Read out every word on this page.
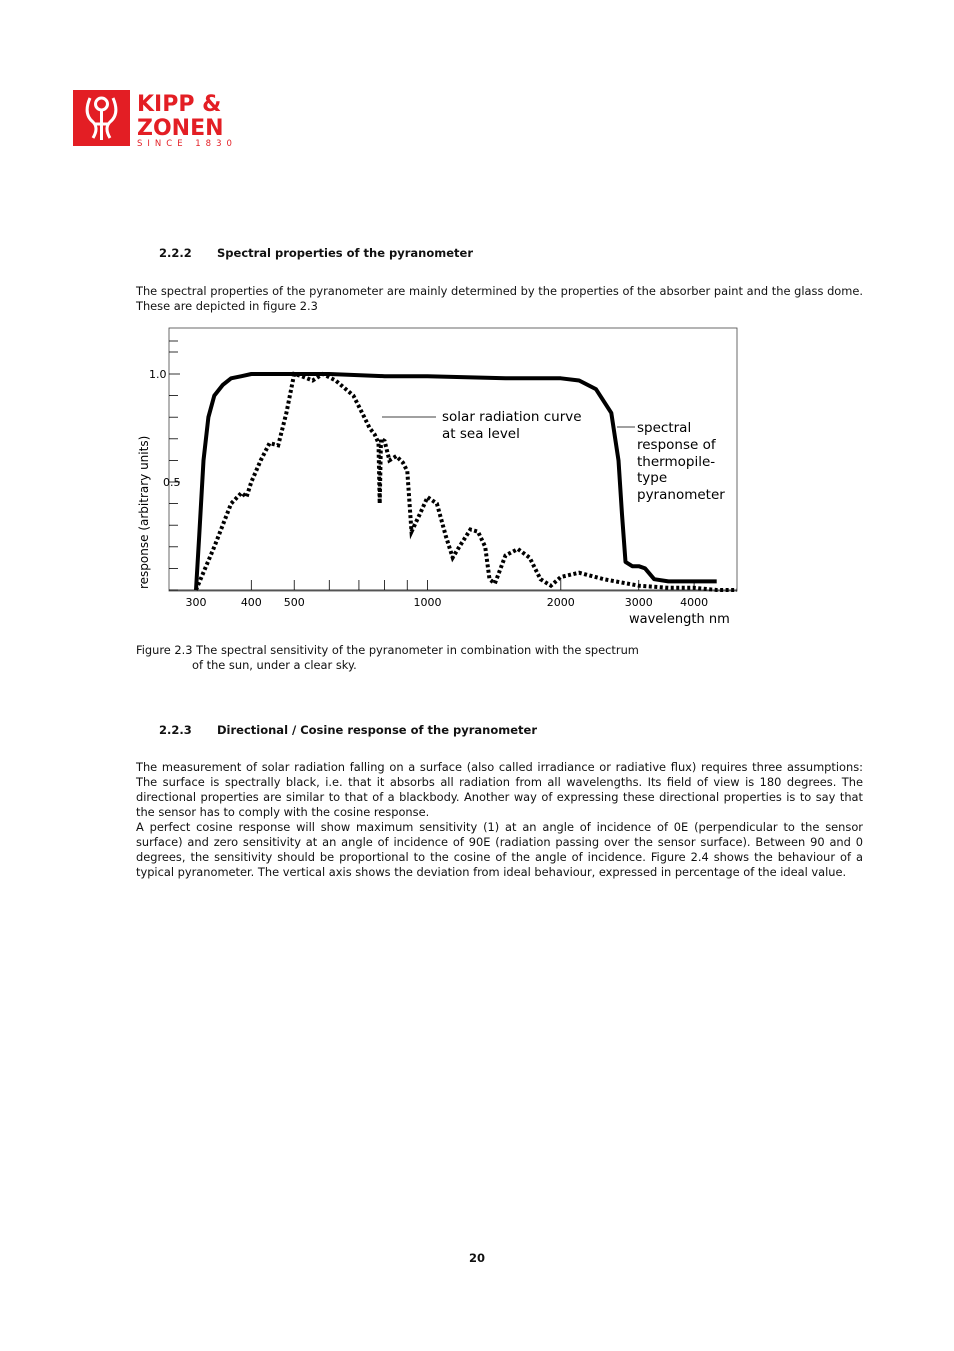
KIPP &
ZONEN
SINCE 1830
2.2.2 Spectral properties of the pyranometer

The spectral properties of the pyranometer are mainly determined by the properties of the absorber paint and the glass dome. These are depicted in figure 2.3

1.0
0.5
response (arbitrary units)
wavelength nm
300	400 500	1000	2000	3000 4000
solar radiation curve
at sea level	spectral
response of
thermopile-
type
pyranometer
Figure 2.3 The spectral sensitivity of the pyranometer in combination with the spectrum
of the sun, under a clear sky.
2.2.3 Directional / Cosine response of the pyranometer

The measurement of solar radiation falling on a surface (also called irradiance or radiative flux) requires three assumptions: The surface is spectrally black, i.e. that it absorbs all radiation from all wavelengths. Its field of view is 180 degrees. The directional properties are similar to that of a blackbody. Another way of expressing these directional properties is to say that the sensor has to comply with the cosine response.

A perfect cosine response will show maximum sensitivity (1) at an angle of incidence of 0E (perpendicular to the sensor surface) and zero sensitivity at an angle of incidence of 90E (radiation passing over the sensor surface). Between 90 and 0 degrees, the sensitivity should be proportional to the cosine of the angle of incidence. Figure 2.4 shows the behaviour of a typical pyranometer. The vertical axis shows the deviation from ideal behaviour, expressed in percentage of the ideal value.

20
